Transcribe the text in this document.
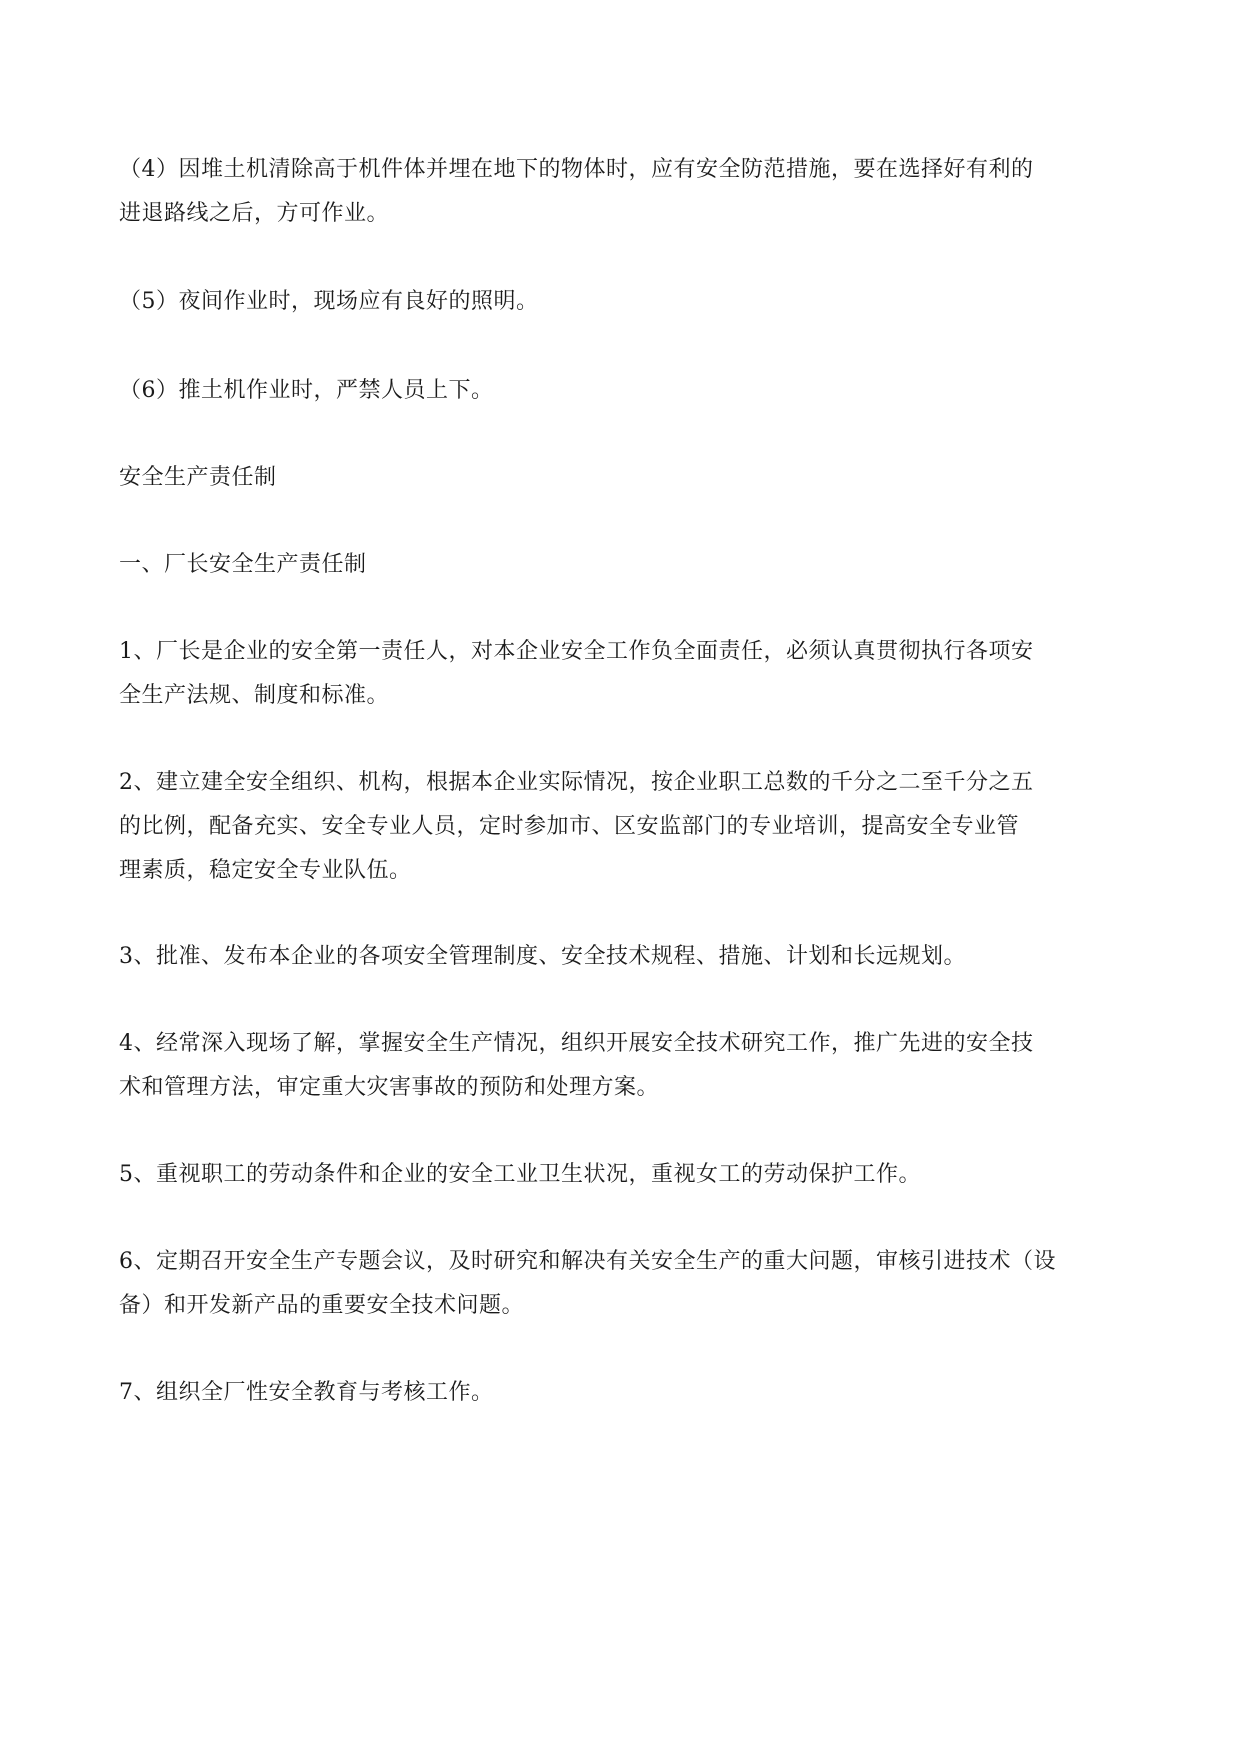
（4）因堆土机清除高于机件体并埋在地下的物体时，应有安全防范措施，要在选择好有利的
进退路线之后，方可作业。

（5）夜间作业时，现场应有良好的照明。

（6）推土机作业时，严禁人员上下。

安全生产责任制

一、厂长安全生产责任制

1、厂长是企业的安全第一责任人，对本企业安全工作负全面责任，必须认真贯彻执行各项安
全生产法规、制度和标准。

2、建立建全安全组织、机构，根据本企业实际情况，按企业职工总数的千分之二至千分之五
的比例，配备充实、安全专业人员，定时参加市、区安监部门的专业培训，提高安全专业管
理素质，稳定安全专业队伍。

3、批准、发布本企业的各项安全管理制度、安全技术规程、措施、计划和长远规划。

4、经常深入现场了解，掌握安全生产情况，组织开展安全技术研究工作，推广先进的安全技
术和管理方法，审定重大灾害事故的预防和处理方案。

5、重视职工的劳动条件和企业的安全工业卫生状况，重视女工的劳动保护工作。

6、定期召开安全生产专题会议，及时研究和解决有关安全生产的重大问题，审核引进技术（设
备）和开发新产品的重要安全技术问题。

7、组织全厂性安全教育与考核工作。
